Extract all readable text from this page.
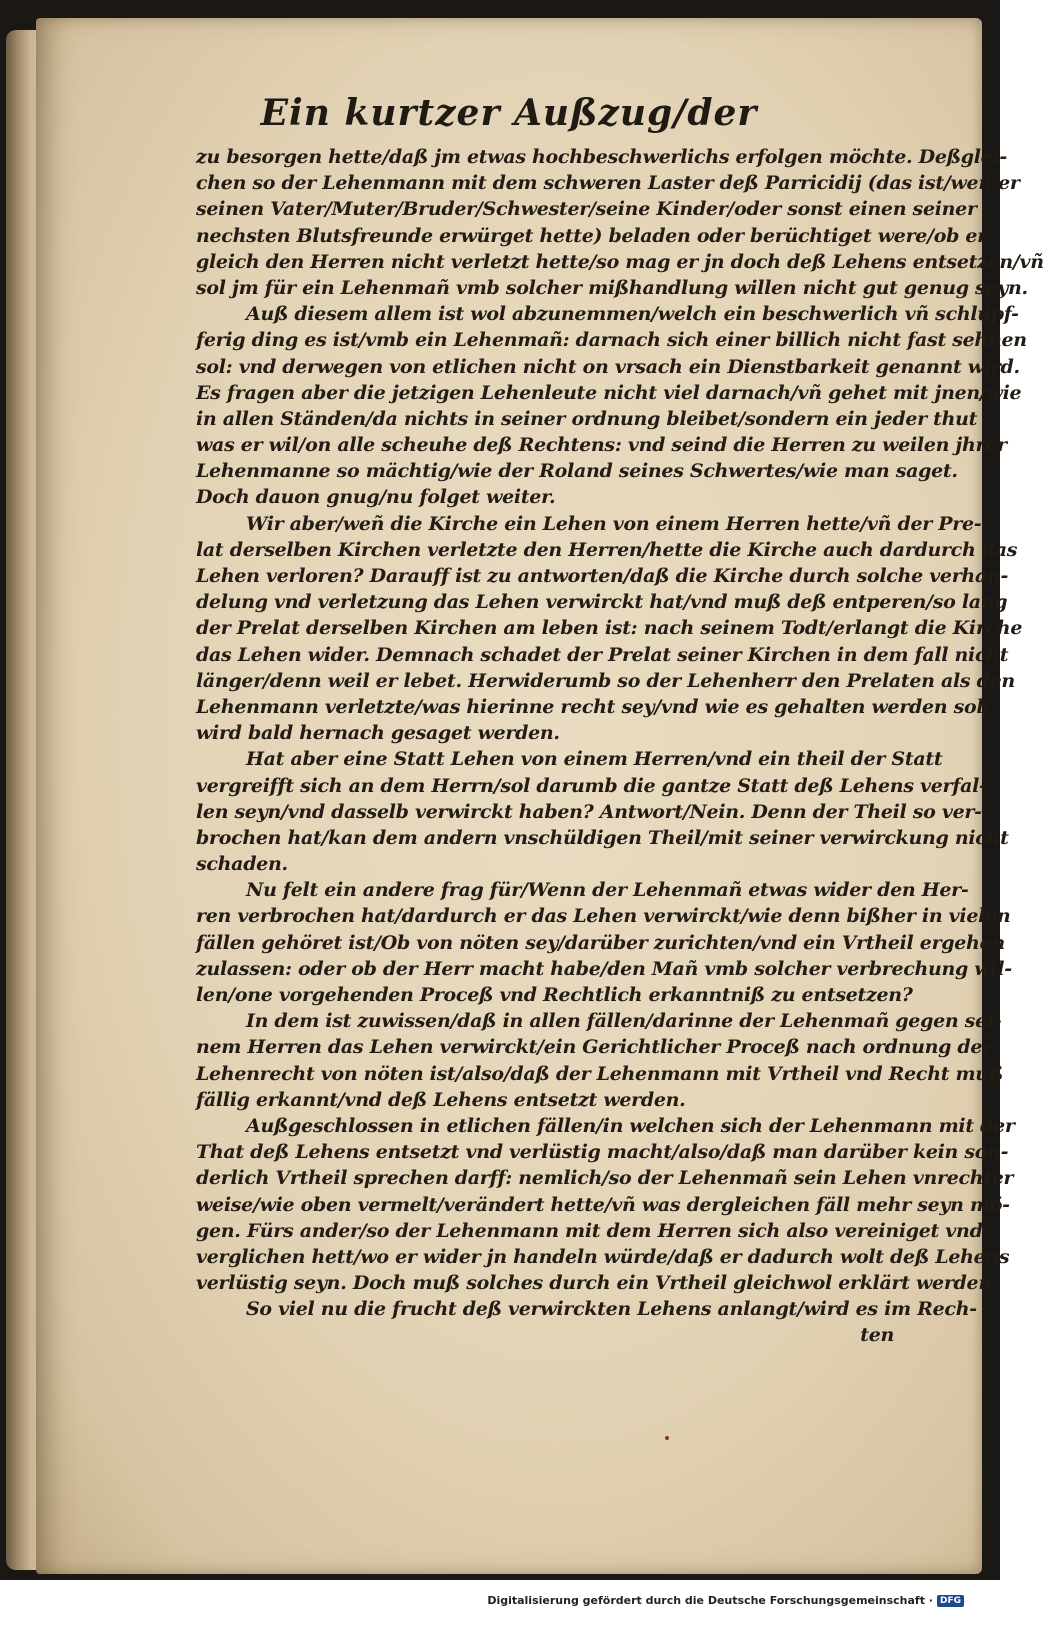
Ein kurtzer Außzug/der
zu besorgen hette/daß jm etwas hochbeschwerlichs erfolgen möchte. Deßglei-
chen so der Lehenmann mit dem schweren Laster deß Parricidij (das ist/weñ er
seinen Vater/Muter/Bruder/Schwester/seine Kinder/oder sonst einen seiner
nechsten Blutsfreunde erwürget hette) beladen oder berüchtiget were/ob er
gleich den Herren nicht verletzt hette/so mag er jn doch deß Lehens entsetzen/vñ
sol jm für ein Lehenmañ vmb solcher mißhandlung willen nicht gut genug seyn.
Auß diesem allem ist wol abzunemmen/welch ein beschwerlich vñ schlüpf-
ferig ding es ist/vmb ein Lehenmañ: darnach sich einer billich nicht fast sehnen
sol: vnd derwegen von etlichen nicht on vrsach ein Dienstbarkeit genannt wird.
Es fragen aber die jetzigen Lehenleute nicht viel darnach/vñ gehet mit jnen/wie
in allen Ständen/da nichts in seiner ordnung bleibet/sondern ein jeder thut
was er wil/on alle scheuhe deß Rechtens: vnd seind die Herren zu weilen jhrer
Lehenmanne so mächtig/wie der Roland seines Schwertes/wie man saget.
Doch dauon gnug/nu folget weiter.
Wir aber/weñ die Kirche ein Lehen von einem Herren hette/vñ der Pre-
lat derselben Kirchen verletzte den Herren/hette die Kirche auch dardurch das
Lehen verloren? Darauff ist zu antworten/daß die Kirche durch solche verhan-
delung vnd verletzung das Lehen verwirckt hat/vnd muß deß entperen/so lang
der Prelat derselben Kirchen am leben ist: nach seinem Todt/erlangt die Kirche
das Lehen wider. Demnach schadet der Prelat seiner Kirchen in dem fall nicht
länger/denn weil er lebet. Herwiderumb so der Lehenherr den Prelaten als den
Lehenmann verletzte/was hierinne recht sey/vnd wie es gehalten werden sol/
wird bald hernach gesaget werden.
Hat aber eine Statt Lehen von einem Herren/vnd ein theil der Statt
vergreifft sich an dem Herrn/sol darumb die gantze Statt deß Lehens verfal-
len seyn/vnd dasselb verwirckt haben? Antwort/Nein. Denn der Theil so ver-
brochen hat/kan dem andern vnschüldigen Theil/mit seiner verwirckung nicht
schaden.
Nu felt ein andere frag für/Wenn der Lehenmañ etwas wider den Her-
ren verbrochen hat/dardurch er das Lehen verwirckt/wie denn bißher in vielen
fällen gehöret ist/Ob von nöten sey/darüber zurichten/vnd ein Vrtheil ergehen
zulassen: oder ob der Herr macht habe/den Mañ vmb solcher verbrechung wil-
len/one vorgehenden Proceß vnd Rechtlich erkanntniß zu entsetzen?
In dem ist zuwissen/daß in allen fällen/darinne der Lehenmañ gegen sei-
nem Herren das Lehen verwirckt/ein Gerichtlicher Proceß nach ordnung der
Lehenrecht von nöten ist/also/daß der Lehenmann mit Vrtheil vnd Recht muß
fällig erkannt/vnd deß Lehens entsetzt werden.
Außgeschlossen in etlichen fällen/in welchen sich der Lehenmann mit der
That deß Lehens entsetzt vnd verlüstig macht/also/daß man darüber kein son-
derlich Vrtheil sprechen darff: nemlich/so der Lehenmañ sein Lehen vnrechter
weise/wie oben vermelt/verändert hette/vñ was dergleichen fäll mehr seyn mö-
gen. Fürs ander/so der Lehenmann mit dem Herren sich also vereiniget vnd
verglichen hett/wo er wider jn handeln würde/daß er dadurch wolt deß Lehens
verlüstig seyn. Doch muß solches durch ein Vrtheil gleichwol erklärt werden.
So viel nu die frucht deß verwirckten Lehens anlangt/wird es im Rech-
ten
Digitalisierung gefördert durch die Deutsche Forschungsgemeinschaft · DFG
